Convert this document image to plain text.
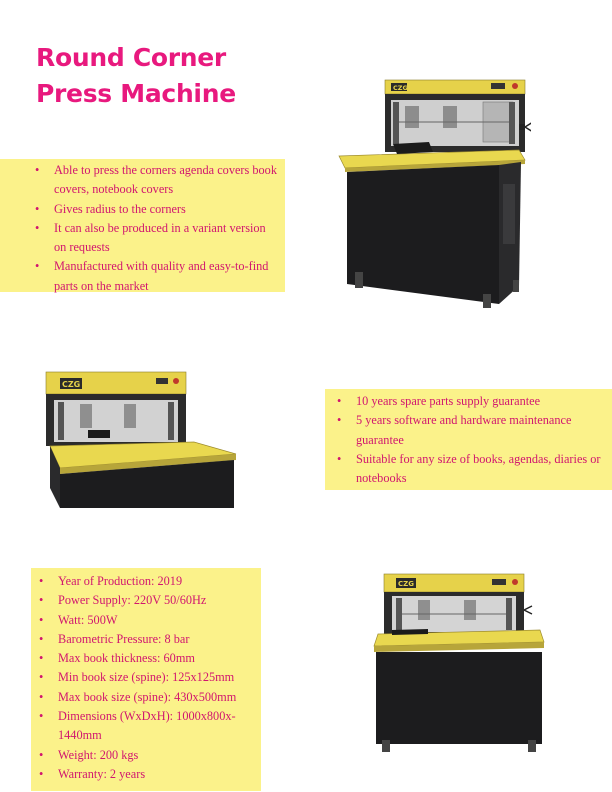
Round Corner
Press Machine
• Able to press the corners agenda covers book covers, notebook covers
• Gives radius to the corners
• It can also be produced in a variant version on requests
• Manufactured with quality and easy-to-find parts on the market
• 10 years spare parts supply guarantee
• 5 years software and hardware maintenance guarantee
• Suitable for any size of books, agendas, diaries or notebooks
• Year of Production: 2019
• Power Supply: 220V 50/60Hz
• Watt: 500W
• Barometric Pressure: 8 bar
• Max book thickness: 60mm
• Min book size (spine): 125x125mm
• Max book size (spine): 430x500mm
• Dimensions (WxDxH): 1000x800x-1440mm
• Weight: 200 kgs
• Warranty: 2 years
CZG
CZG
CZG
